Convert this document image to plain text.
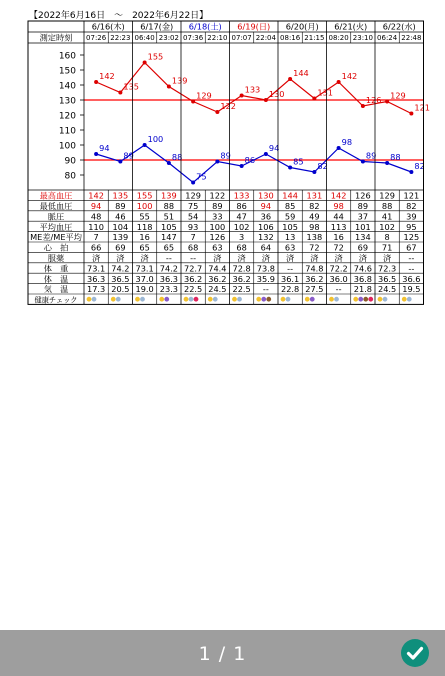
【2022年6月16日　～　2022年6月22日】
6/16(木) 6/17(金) 6/18(土) 6/19(日) 6/20(月) 6/21(火) 6/22(水)
測定時刻 07:26 22:23 06:40 23:02 07:36 22:10 07:07 22:04 08:16 21:15 08:20 23:10 06:24 22:48
80
90
100
110
120
130
140
150
160
142
135
155
139
129
122
133 130
144
131
142
126 129
121
94
89
100
88
75
89 86
94
85 82
98
89 88
82
最高血圧 142 135 155 139 129 122 133 130 144 131 142 126 129 121
最低血圧 94 89 100 88 75 89 86 94 85 82 98 89 88 82
脈圧	48 46 55 51 54 33 47 36 59 49 44 37 41 39
平均血圧 110 104 118 105 93 100 102 106 105 98 113 101 102 95
ME差/ME平均 7 139 16 147 7 126 3 132 13 138 16 134 8 125
心　拍	66 69 65 65 68 63 68 64 63 72 72 69 71 67
服薬	済 済 済 -- -- 済 済 済 済 済 済 済 済 --
体　重 73.1 74.2 73.1 74.2 72.7 74.4 72.8 73.8 -- 74.8 72.2 74.6 72.3 --
体　温 36.3 36.5 37.0 36.3 36.2 36.2 36.2 35.9 36.1 36.2 36.0 36.8 36.5 36.6
気　温 17.3 20.5 19.0 23.3 22.5 24.5 22.5 -- 22.8 27.5 -- 21.8 24.5 19.5
健康チェック
1 / 1
